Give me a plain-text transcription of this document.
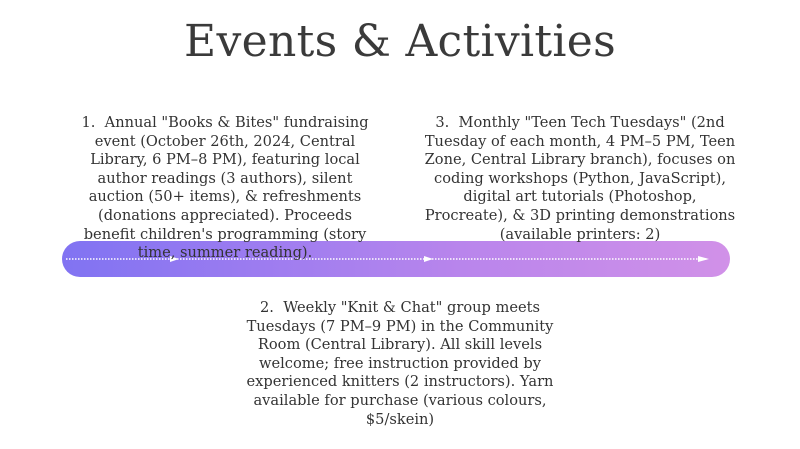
Events & Activities
1. Annual "Books & Bites" fundraising event (October 26th, 2024, Central Library, 6 PM–8 PM), featuring local author readings (3 authors), silent auction (50+ items), & refreshments (donations appreciated). Proceeds benefit children's programming (story time, summer reading).
3. Monthly "Teen Tech Tuesdays" (2nd Tuesday of each month, 4 PM–5 PM, Teen Zone, Central Library branch), focuses on coding workshops (Python, JavaScript), digital art tutorials (Photoshop, Procreate), & 3D printing demonstrations (available printers: 2)
2. Weekly "Knit & Chat" group meets Tuesdays (7 PM–9 PM) in the Community Room (Central Library). All skill levels welcome; free instruction provided by experienced knitters (2 instructors). Yarn available for purchase (various colours, $5/skein)
